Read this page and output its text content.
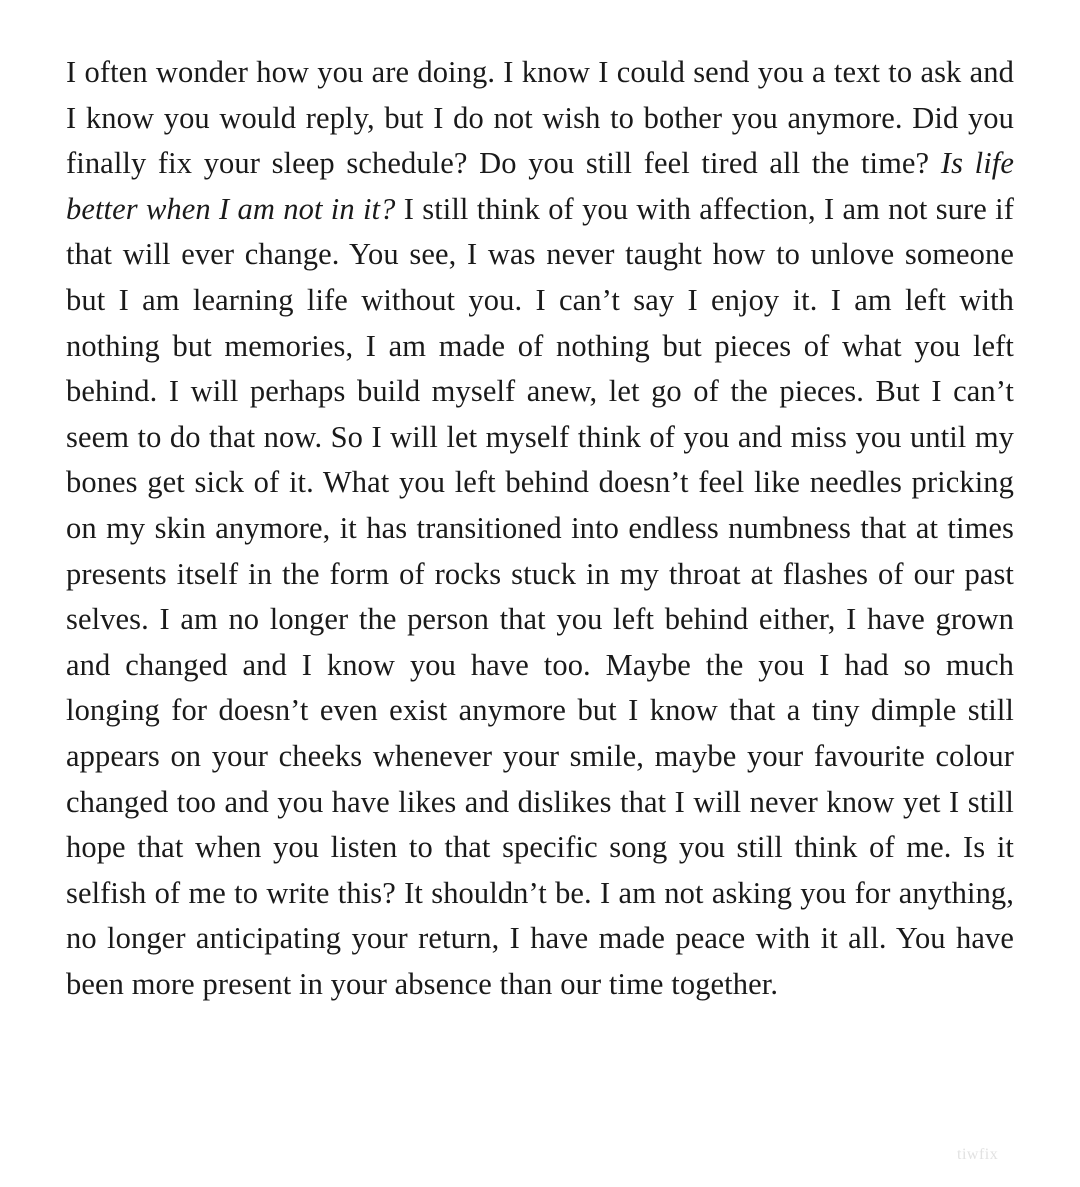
I often wonder how you are doing. I know I could send you a text to ask and I know you would reply, but I do not wish to bother you anymore. Did you finally fix your sleep schedule? Do you still feel tired all the time? Is life better when I am not in it? I still think of you with affection, I am not sure if that will ever change. You see, I was never taught how to unlove someone but I am learning life without you. I can’t say I enjoy it. I am left with nothing but memories, I am made of nothing but pieces of what you left behind. I will perhaps build myself anew, let go of the pieces. But I can’t seem to do that now. So I will let myself think of you and miss you until my bones get sick of it. What you left behind doesn’t feel like needles pricking on my skin anymore, it has transitioned into endless numbness that at times presents itself in the form of rocks stuck in my throat at flashes of our past selves. I am no longer the person that you left behind either, I have grown and changed and I know you have too. Maybe the you I had so much longing for doesn’t even exist anymore but I know that a tiny dimple still appears on your cheeks whenever your smile, maybe your favourite colour changed too and you have likes and dislikes that I will never know yet I still hope that when you listen to that specific song you still think of me. Is it selfish of me to write this? It shouldn’t be. I am not asking you for anything, no longer anticipating your return, I have made peace with it all. You have been more present in your absence than our time together.

tiwfix
